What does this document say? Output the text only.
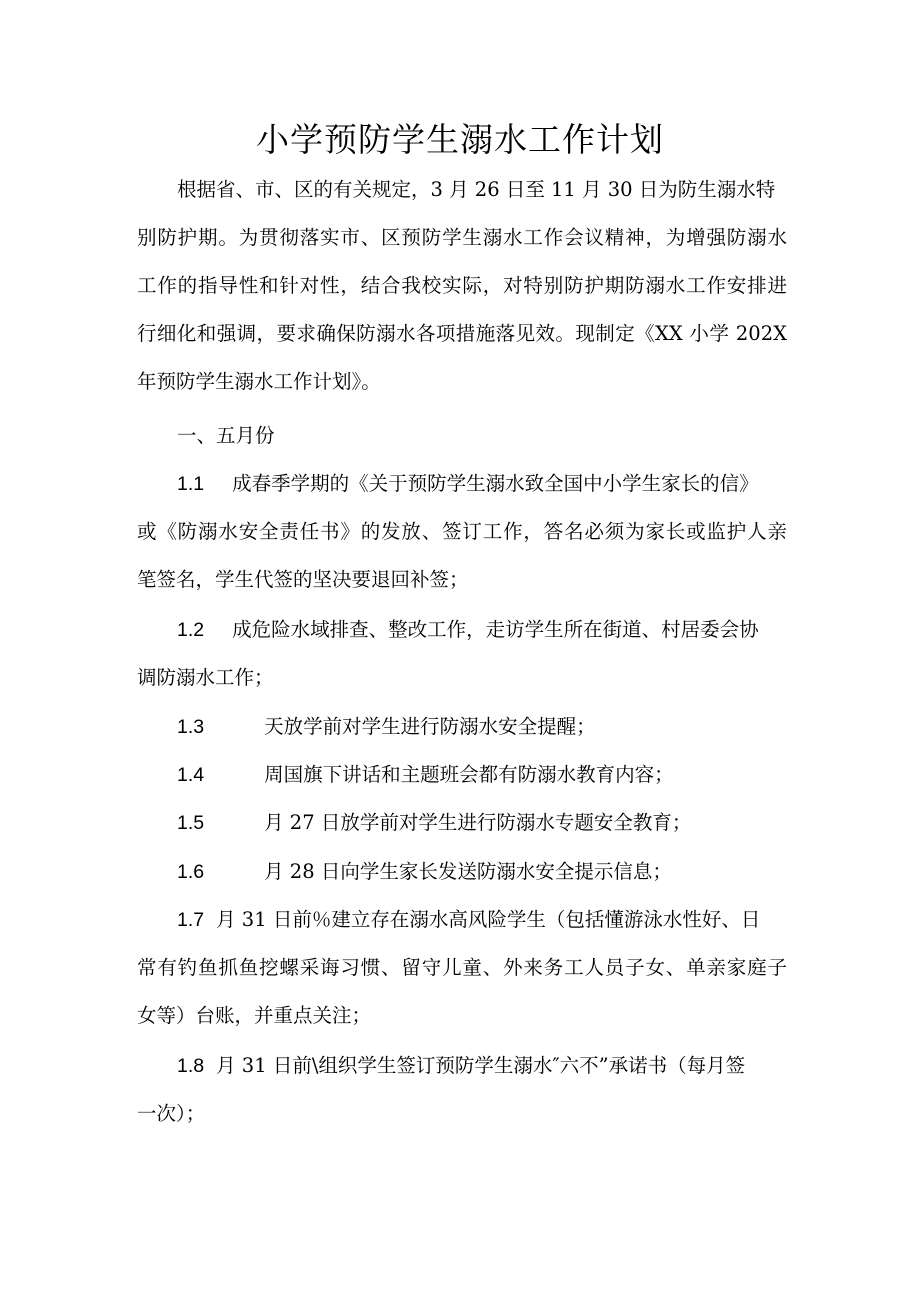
小学预防学生溺水工作计划
根据省、市、区的有关规定，3 月 26 日至 11 月 30 日为防生溺水特
别防护期。为贯彻落实市、区预防学生溺水工作会议精神，为增强防溺水
工作的指导性和针对性，结合我校实际，对特别防护期防溺水工作安排进
行细化和强调，要求确保防溺水各项措施落见效。现制定《XX 小学 202X
年预防学生溺水工作计划》。
一、五月份
1.1 成春季学期的《关于预防学生溺水致全国中小学生家长的信》
或《防溺水安全责任书》的发放、签订工作，答名必须为家长或监护人亲
笔签名，学生代签的坚决要退回补签；
1.2 成危险水域排查、整改工作，走访学生所在街道、村居委会协
调防溺水工作；
1.3	天放学前对学生进行防溺水安全提醒；
1.4	周国旗下讲话和主题班会都有防溺水教育内容；
1.5	月 27 日放学前对学生进行防溺水专题安全教育；
1.6	月 28 日向学生家长发送防溺水安全提示信息；
1.7 月 31 日前％建立存在溺水高风险学生（包括懂游泳水性好、日
常有钓鱼抓鱼挖螺采诲习惯、留守儿童、外来务工人员子女、单亲家庭子
女等）台账，并重点关注；
1.8 月 31 日前\组织学生签订预防学生溺水″六不”承诺书（每月签
一次）；
